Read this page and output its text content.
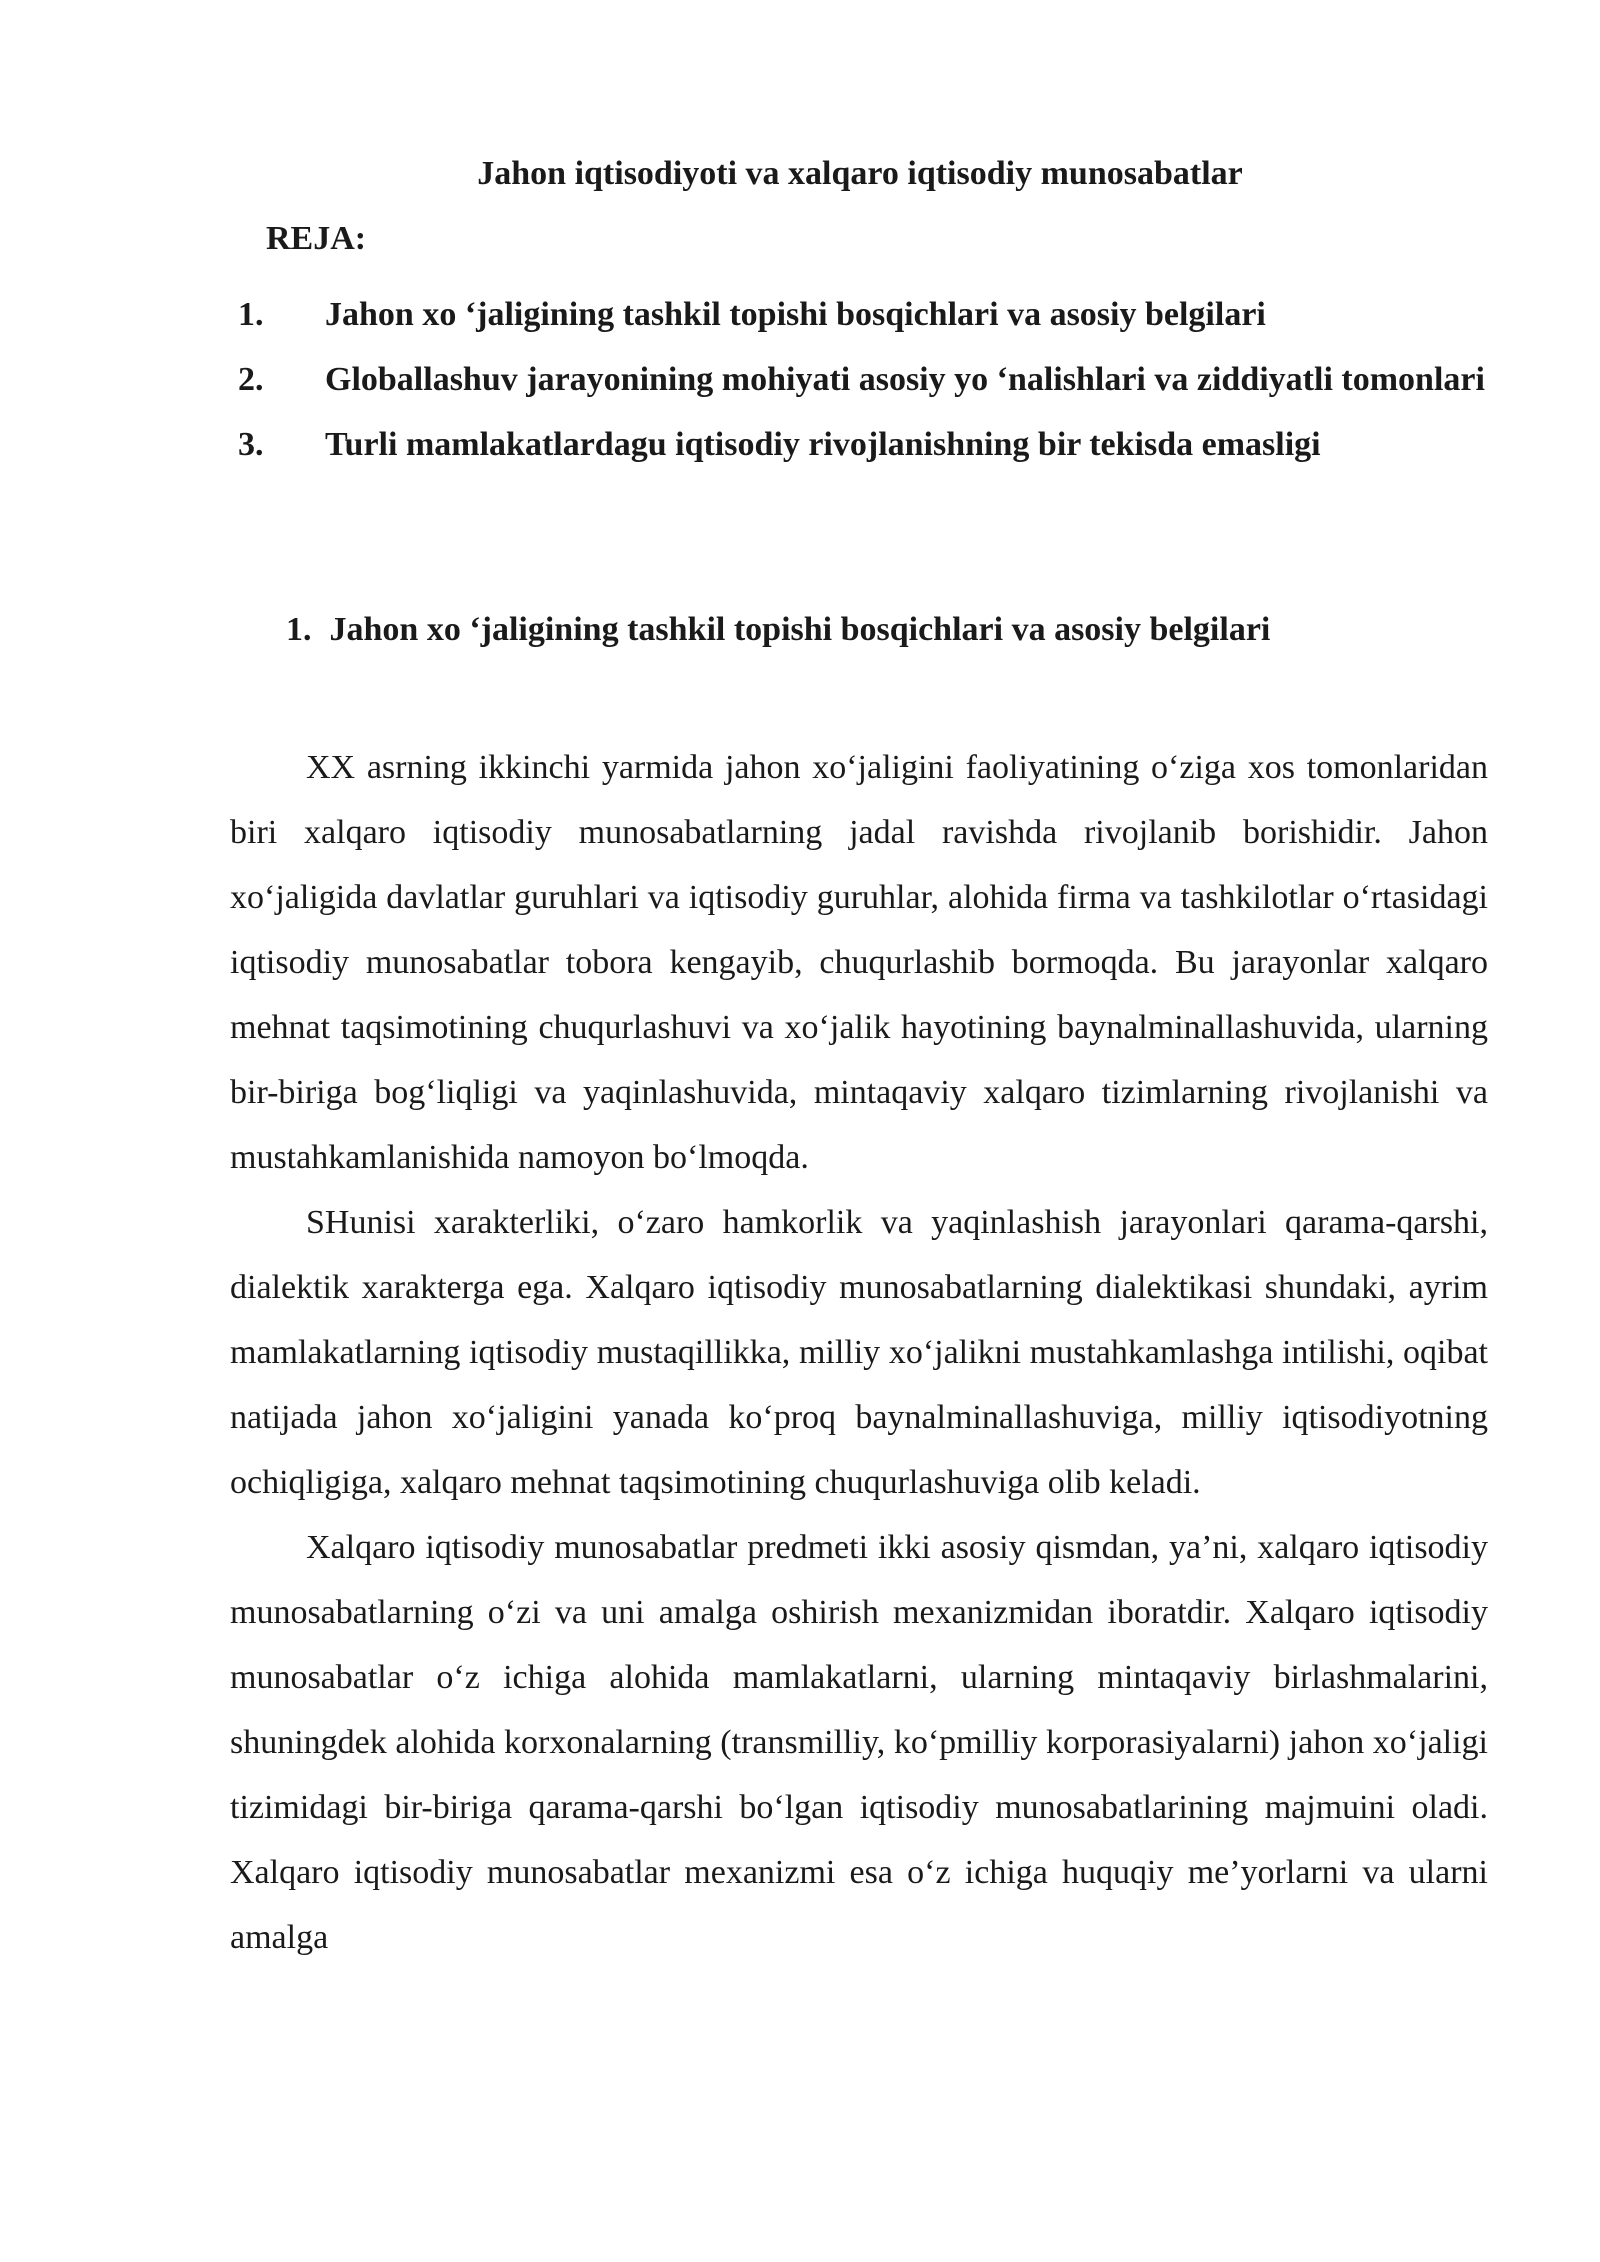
Jahon iqtisodiyoti va xalqaro iqtisodiy munosabatlar
REJA:
1.	Jahon xo ‘jaligining tashkil topishi bosqichlari va asosiy belgilari
2.	Globallashuv jarayonining mohiyati asosiy yo ‘nalishlari va ziddiyatli tomonlari
3.	Turli mamlakatlardagu iqtisodiy rivojlanishning bir tekisda emasligi
1. Jahon xo ‘jaligining tashkil topishi bosqichlari va asosiy belgilari

XX asrning ikkinchi yarmida jahon xo‘jaligini faoliyatining o‘ziga xos tomonlaridan biri xalqaro iqtisodiy munosabatlarning jadal ravishda rivojlanib borishidir. Jahon xo‘jaligida davlatlar guruhlari va iqtisodiy guruhlar, alohida firma va tashkilotlar o‘rtasidagi iqtisodiy munosabatlar tobora kengayib, chuqurlashib bormoqda. Bu jarayonlar xalqaro mehnat taqsimotining chuqurlashuvi va xo‘jalik hayotining baynalminallashuvida, ularning bir-biriga bog‘liqligi va yaqinlashuvida, mintaqaviy xalqaro tizimlarning rivojlanishi va mustahkamlanishida namoyon bo‘lmoqda.

SHunisi xarakterliki, o‘zaro hamkorlik va yaqinlashish jarayonlari qarama-qarshi, dialektik xarakterga ega. Xalqaro iqtisodiy munosabatlarning dialektikasi shundaki, ayrim mamlakatlarning iqtisodiy mustaqillikka, milliy xo‘jalikni mustahkamlashga intilishi, oqibat natijada jahon xo‘jaligini yanada ko‘proq baynalminallashuviga, milliy iqtisodiyotning ochiqligiga, xalqaro mehnat taqsimotining chuqurlashuviga olib keladi.

Xalqaro iqtisodiy munosabatlar predmeti ikki asosiy qismdan, ya’ni, xalqaro iqtisodiy munosabatlarning o‘zi va uni amalga oshirish mexanizmidan iboratdir. Xalqaro iqtisodiy munosabatlar o‘z ichiga alohida mamlakatlarni, ularning mintaqaviy birlashmalarini, shuningdek alohida korxonalarning (transmilliy, ko‘pmilliy korporasiyalarni) jahon xo‘jaligi tizimidagi bir-biriga qarama-qarshi bo‘lgan iqtisodiy munosabatlarining majmuini oladi. Xalqaro iqtisodiy munosabatlar mexanizmi esa o‘z ichiga huquqiy me’yorlarni va ularni amalga
